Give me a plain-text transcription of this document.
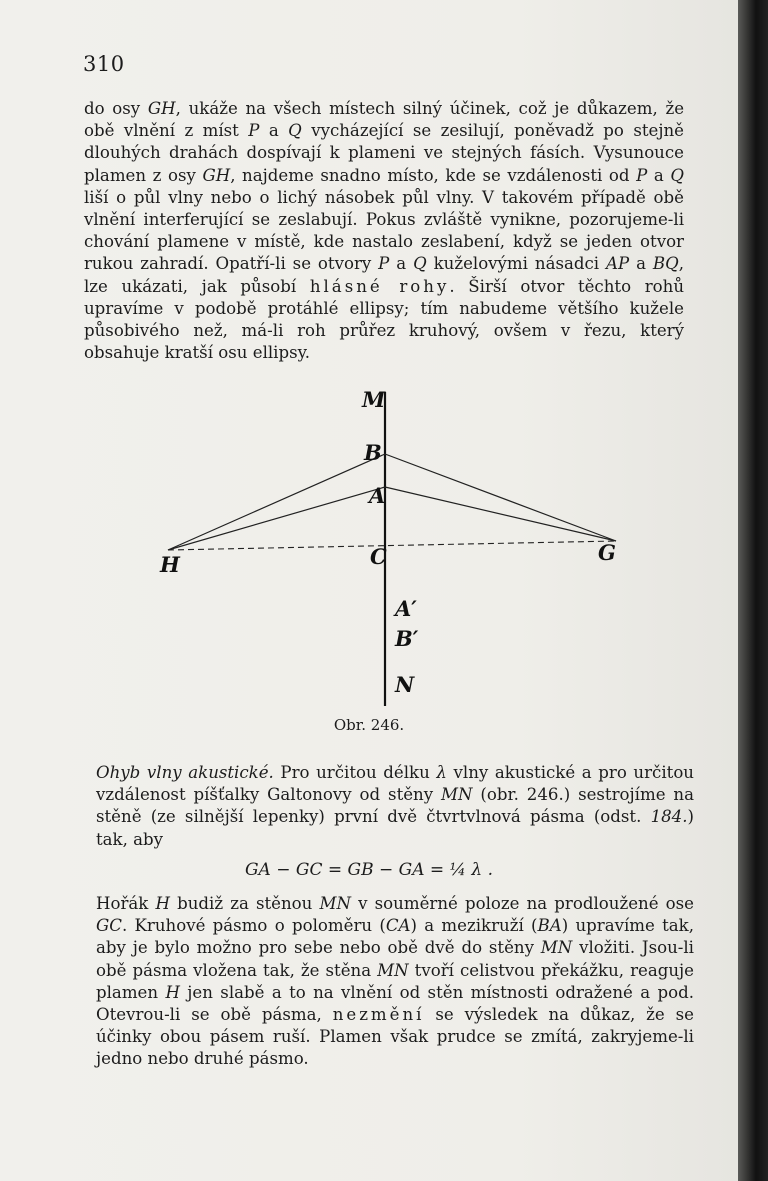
310
do osy GH, ukáže na všech místech silný účinek, což je důkazem, že obě vlnění z míst P a Q vycházející se zesilují, poněvadž po stejně dlouhých drahách dospívají k plameni ve stejných fásích. Vysunouce plamen z osy GH, najdeme snadno místo, kde se vzdálenosti od P a Q liší o půl vlny nebo o lichý násobek půl vlny. V takovém případě obě vlnění interferující se zeslabují. Pokus zvláště vynikne, pozorujeme-li chování plamene v místě, kde nastalo zeslabení, když se jeden otvor rukou zahradí. Opatří-li se otvory P a Q kuželovými násadci AP a BQ, lze ukázati, jak působí hlásné rohy. Širší otvor těchto rohů upravíme v podobě protáhlé ellipsy; tím nabudeme většího kužele působivého než, má-li roh průřez kruhový, ovšem v řezu, který obsahuje kratší osu ellipsy.
M
B
A
C
H	G
A′
B′
N
Obr. 246.
Ohyb vlny akustické. Pro určitou délku λ vlny akustické a pro určitou vzdálenost píšťalky Galtonovy od stěny MN (obr. 246.) sestrojíme na stěně (ze silnější lepenky) první dvě čtvrtvlnová pásma (odst. 184.) tak, aby
GA − GC = GB − GA = ¼ λ .
Hořák H budiž za stěnou MN v souměrné poloze na prodloužené ose GC. Kruhové pásmo o poloměru (CA) a mezikruží (BA) upravíme tak, aby je bylo možno pro sebe nebo obě dvě do stěny MN vložiti. Jsou-li obě pásma vložena tak, že stěna MN tvoří celistvou překážku, reaguje plamen H jen slabě a to na vlnění od stěn místnosti odražené a pod. Otevrou-li se obě pásma, nezmění se výsledek na důkaz, že se účinky obou pásem ruší. Plamen však prudce se zmítá, zakryjeme-li jedno nebo druhé pásmo.
